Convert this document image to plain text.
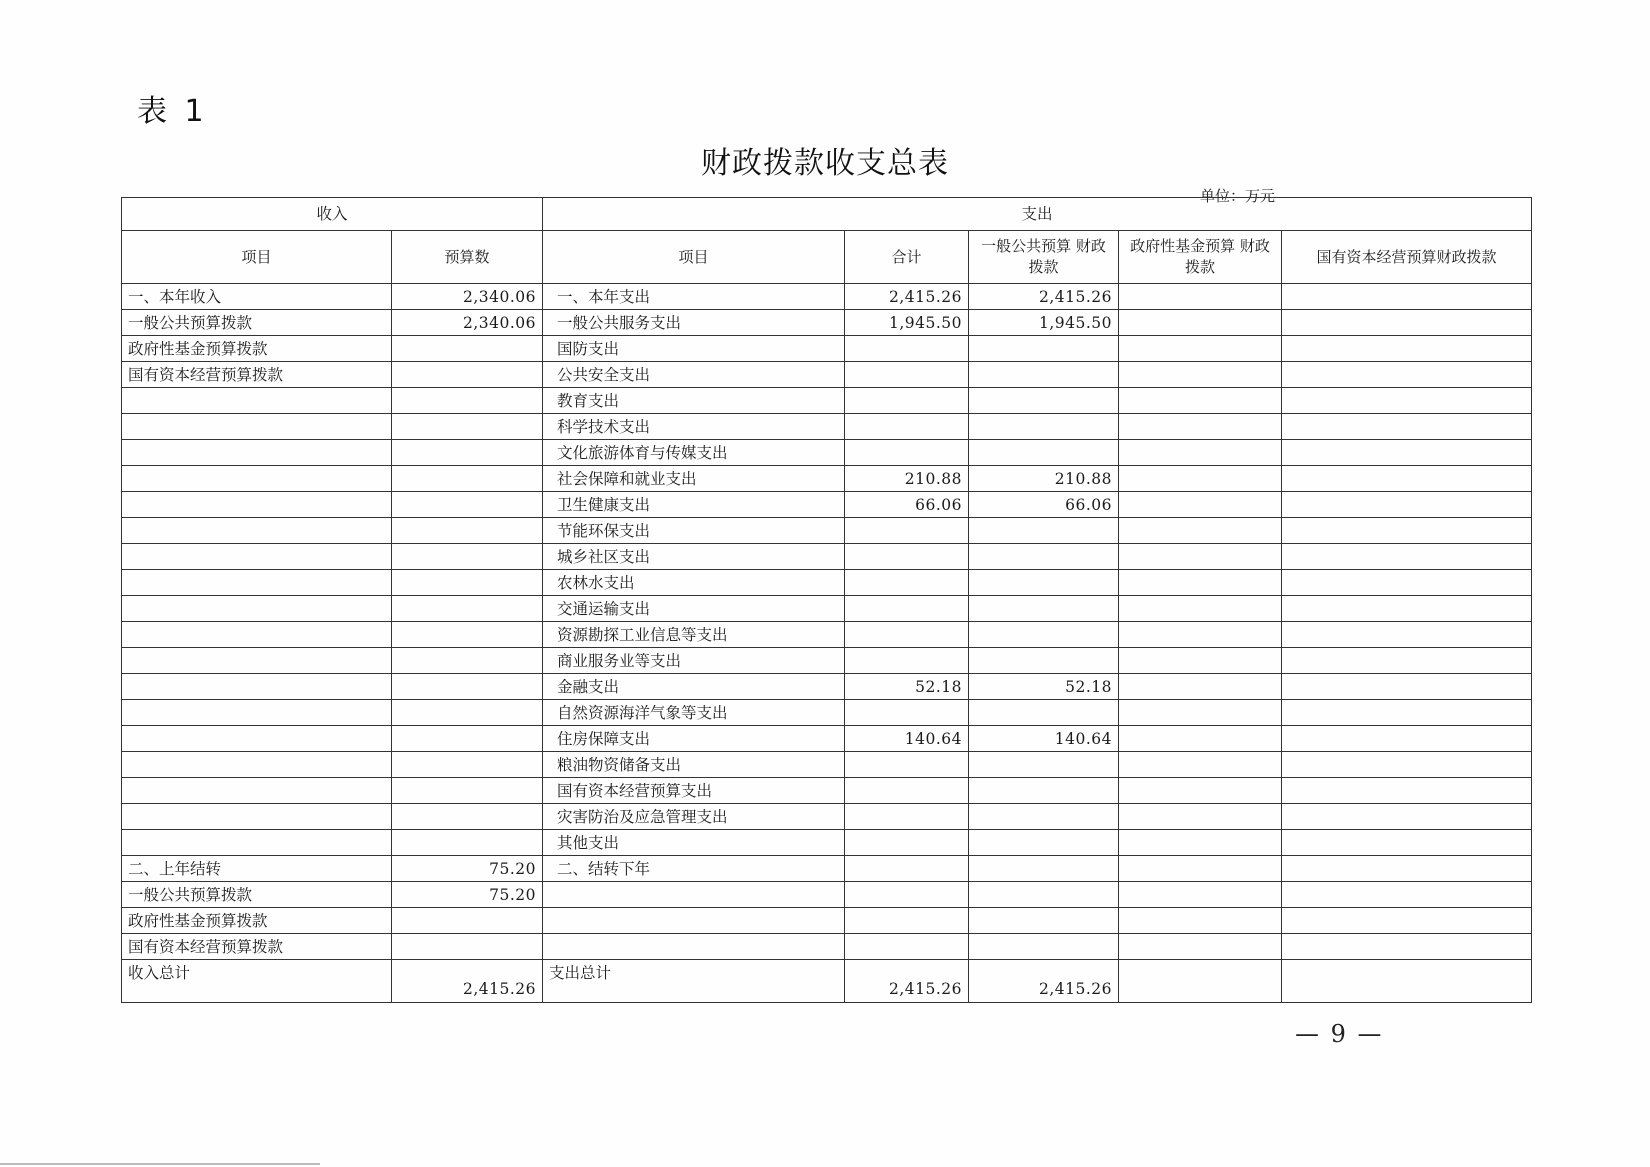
表 1
财政拨款收支总表
单位：万元
收入		支出				
项目	预算数	项目	合计	一般公共预算 财政拨款	政府性基金预算 财政拨款	国有资本经营预算财政拨款
一、本年收入	2,340.06	一、本年支出	2,415.26	2,415.26		
一般公共预算拨款	2,340.06	一般公共服务支出	1,945.50	1,945.50		
政府性基金预算拨款		国防支出				
国有资本经营预算拨款		公共安全支出				
		教育支出				
		科学技术支出				
		文化旅游体育与传媒支出				
		社会保障和就业支出	210.88	210.88		
		卫生健康支出	66.06	66.06		
		节能环保支出				
		城乡社区支出				
		农林水支出				
		交通运输支出				
		资源勘探工业信息等支出				
		商业服务业等支出				
		金融支出	52.18	52.18		
		自然资源海洋气象等支出				
		住房保障支出	140.64	140.64		
		粮油物资储备支出				
		国有资本经营预算支出				
		灾害防治及应急管理支出				
		其他支出				
二、上年结转	75.20	二、结转下年				
一般公共预算拨款	75.20					
政府性基金预算拨款						
国有资本经营预算拨款						
收入总计	2,415.26	支出总计	2,415.26	2,415.26		
— 9 —
